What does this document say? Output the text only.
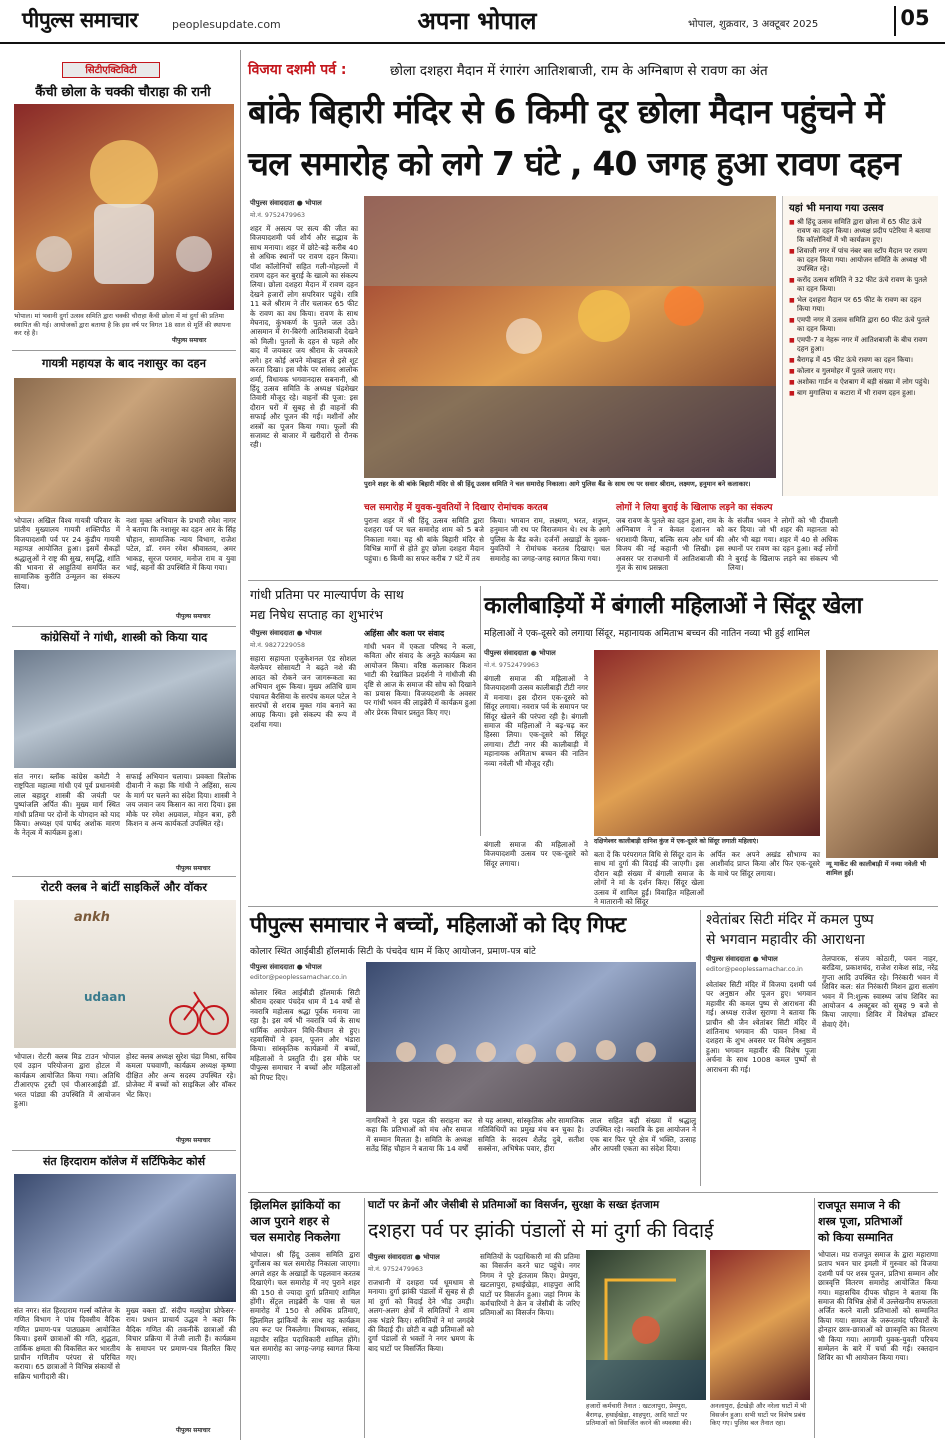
पीपुल्स समाचार	peoplesupdate.com	अपना भोपाल	भोपाल, शुक्रवार, 3 अक्टूबर 2025	05
सिटीएक्टिविटी
कैंची छोला के चक्की चौराहा की रानी
भोपाल। मां भवानी दुर्गा उत्सव समिति द्वारा चक्की चौराहा कैंची छोला में मां दुर्गा की प्रतिमा स्थापित की गई। आयोजकों द्वारा बताया है कि इस वर्ष पर विगत 18 साल से मूर्ति की स्थापना कर रहे है।
पीपुल्स समाचार
गायत्री महायज्ञ के बाद नशासुर का दहन
भोपाल। अखिल विश्व गायत्री परिवार के प्रांतीय मुख्यालय गायत्री शक्तिपीठ में विजयादशमी पर्व पर 24 कुंडीय गायत्री महायज्ञ आयोजित हुआ। इसमें सैकड़ों श्रद्धालुओं ने राष्ट्र की सुख, समृद्धि, शांति की भावना से आहुतियां समर्पित कर सामाजिक कुरीति उन्मूलन का संकल्प लिया।
नशा मुक्त अभियान के प्रभारी रमेश नागर ने बताया कि नशासुर का दहन आर के सिंह चौहान, सामाजिक न्याय विभाग, राजेश पटेल, डॉ. रमन रमेश श्रीवास्तव, अमर भाकड़, सूरज परमार, मनोज राम व युवा भाई, बहनों की उपस्थिति में किया गया।
पीपुल्स समाचार
कांग्रेसियों ने गांधी, शास्त्री को किया याद
संत नगर। ब्लॉक कांग्रेस कमेटी ने राष्ट्रपिता महात्मा गांधी एवं पूर्व प्रधानमंत्री लाल बहादुर शास्त्री की जयंती पर पुष्पांजलि अर्पित की। मुख्य मार्ग स्थित गांधी प्रतिमा पर दोनों के योगदान को याद किया। अध्यक्ष एवं पार्षद अशोक मारण के नेतृत्व में कार्यक्रम हुआ।
सफाई अभियान चलाया। प्रवक्ता त्रिलोक दीवानी ने कहा कि गांधी ने अहिंसा, सत्य के मार्ग पर चलने का संदेश दिया। शास्त्री ने जय जवान जय किसान का नारा दिया। इस मौके पर रमेश अग्रवाल, मोहन बत्रा, हरी किशन व अन्य कार्यकर्ता उपस्थित रहे।
पीपुल्स समाचार
रोटरी क्लब ने बांटीं साइकिलें और वॉकर
ankh
udaan
भोपाल। रोटरी क्लब मिड टाउन भोपाल एवं उड़ान परियोजना द्वारा होटल में कार्यक्रम आयोजित किया गया। अतिथि टीआरएफ ट्रस्टी एवं पीआरआईडी डॉ. भरत पांड्या की उपस्थिति में आयोजन हुआ।
होस्ट क्लब अध्यक्ष सुरेश चंद्रा मिश्रा, सचिव कमला पचवाणी, कार्यक्रम अध्यक्ष कृष्णा दीक्षित और अन्य सदस्य उपस्थित रहे। प्रोजेक्ट में बच्चों को साइकिल और वॉकर भेंट किए।
पीपुल्स समाचार
संत हिरदाराम कॉलेज में सर्टिफिकेट कोर्स
संत नगर। संत हिरदाराम गर्ल्स कॉलेज के गणित विभाग ने पांच दिवसीय वैदिक गणित प्रमाण-पत्र पाठ्यक्रम आयोजित किया। इसमें छात्राओं की गति, शुद्धता, तार्किक क्षमता की विकसित कर भारतीय प्राचीन गणितीय परंपरा से परिचित कराया। 65 छात्राओं ने विभिन्न संकायों से सक्रिय भागीदारी की।
मुख्य वक्ता डॉ. संदीप मलहोत्रा प्रोफेसर-राय। प्रधान प्राचार्य उद्धव ने कहा कि वैदिक गणित की तकनीकें छात्राओं की विचार प्रक्रिया में तेजी लाती हैं। कार्यक्रम के समापन पर प्रमाण-पत्र वितरित किए गए।
पीपुल्स समाचार
विजया दशमी पर्व :	छोला दशहरा मैदान में रंगारंग आतिशबाजी, राम के अग्निबाण से रावण का अंत
बांके बिहारी मंदिर से 6 किमी दूर छोला मैदान पहुंचने में
चल समारोह को लगे 7 घंटे , 40 जगह हुआ रावण दहन
पीपुल्स संवाददाता ● भोपाल
मो.नं. 9752479963
शहर में असत्य पर सत्य की जीत का विजयादशमी पर्व शौर्य और सद्भाव के साथ मनाया। शहर में छोटे-बड़े करीब 40 से अधिक स्थानों पर रावण दहन किया। पॉश कॉलोनियों सहित गली-मोहल्लों में रावण दहन कर बुराई के खात्मे का संकल्प लिया। छोला दशहरा मैदान में रावण दहन देखने हजारों लोग सपरिवार पहुंचे। रात्रि 11 बजे श्रीराम ने तीर चलाकर 65 फीट के रावण का वध किया। रावण के साथ मेघनाद, कुंभकर्ण के पुतले जल उठे। आसमान में रंग-बिरंगी आतिशबाजी देखने को मिली। पुतलों के दहन से पहले और बाद में जयकार जय श्रीराम के जयकारे लगे। हर कोई अपने मोबाइल से इसे शूट करता दिखा। इस मौके पर सांसद आलोक शर्मा, विधायक भगवानदास सबनानी, श्री हिंदू उत्सव समिति के अध्यक्ष चंद्रशेखर तिवारी मौजूद रहे। वाहनों की पूजा: इस दौरान घरों में सुबह से ही वाहनों की सफाई और पूजन की गई। मशीनों और शस्त्रों का पूजन किया गया। फूलों की सजावट से बाजार में खरीदारों से रौनक रही।
पुराने शहर के श्री बांके बिहारी मंदिर से श्री हिंदू उत्सव समिति ने चल समारोह निकाला। आगे पुलिस बैंड के साथ रथ पर सवार श्रीराम, लक्ष्मण, हनुमान बने कलाकार।
चल समारोह में युवक-युवतियों ने दिखाए रोमांचक करतब
पुराना शहर में श्री हिंदू उत्सव समिति द्वारा दशहरा पर्व पर चल समारोह शाम को 5 बजे निकाला गया। यह श्री बांके बिहारी मंदिर से विभिन्न मार्गों से होते हुए छोला दशहरा मैदान पहुंचा। 6 किमी का सफर करीब 7 घंटे में तय
किया। भगवान राम, लक्ष्मण, भरत, शत्रुघ्न, हनुमान जी रथ पर विराजमान थे। रथ के आगे पुलिस के बैंड बजे। दर्जनों अखाड़ों के युवक-युवतियों ने रोमांचक करतब दिखाए। चल समारोह का जगह-जगह स्वागत किया गया।
लोगों ने लिया बुराई के खिलाफ लड़ने का संकल्प
जब रावण के पुतले का दहन हुआ, राम के अग्निबाण ने न केवल दशानन को धराशायी किया, बल्कि सत्य और धर्म की विजय की नई कहानी भी लिखी। इस अवसर पर राजधानी में आतिशबाजी की गूंज के साथ प्रसन्नता
के संजीव भवन ने लोगों को भी दीवाली कर दिया। जो भी शहर की महानता को और भी बड़ा गया। शहर में 40 से अधिक स्थानों पर रावण का दहन हुआ। कई लोगों ने बुराई के खिलाफ लड़ने का संकल्प भी लिया।
यहां भी मनाया गया उत्सव
■ श्री हिंदू उत्सव समिति द्वारा छोला में 65 फीट ऊंचे रावण का दहन किया। अध्यक्ष प्रदीप पटेरिया ने बताया कि कॉलोनियों में भी कार्यक्रम हुए।
■ शिवाजी नगर में पांच नंबर बस स्टॉप मैदान पर रावण का दहन किया गया। आयोजन समिति के अध्यक्ष भी उपस्थित रहे।
■ करोंद उत्सव समिति ने 32 फीट ऊंचे रावण के पुतले का दहन किया।
■ भेल दशहरा मैदान पर 65 फीट के रावण का दहन किया गया।
■ एमपी नगर में उत्सव समिति द्वारा 60 फीट ऊंचे पुतले का दहन किया।
■ एमपी-7 व नेहरू नगर में आतिशबाजी के बीच रावण दहन हुआ।
■ बैरागढ़ में 45 फीट ऊंचे रावण का दहन किया।
■ कोलार व गुलमोहर में पुतले जलाए गए।
■ अशोका गार्डन व ऐशबाग में बड़ी संख्या में लोग पहुंचे।
■ बाग मुगालिया व कटारा में भी रावण दहन हुआ।
गांधी प्रतिमा पर माल्यार्पण के साथ
मद्य निषेध सप्ताह का शुभारंभ
पीपुल्स संवाददाता ● भोपाल
मो.नं. 9827229058
सहारा सहायता एजुकेशनल एंड सोशल वेलफेयर सोसायटी ने बढ़ते नशे की आदत को रोकने जन जागरूकता का अभियान शुरू किया। मुख्य अतिथि ग्राम पंचायत बैरसिया के सरपंच कमल पटेल ने सरपंचों से शराब मुक्त गांव बनाने का आग्रह किया। इसे संकल्प की रूप में दर्शाया गया।
अहिंसा और कला पर संवाद
गांधी भवन में एकता परिषद ने कला, कविता और संवाद के अनूठे कार्यक्रम का आयोजन किया। वरिष्ठ कलाकार किशन भाटी की रेखांकित प्रदर्शनी ने गांधीजी की दृष्टि से आज के समाज की सोच को दिखाने का प्रयास किया। विजयदशमी के अवसर पर गांधी भवन की लाइब्रेरी में कार्यक्रम हुआ और प्रेरक विचार प्रस्तुत किए गए।
कालीबाड़ियों में बंगाली महिलाओं ने सिंदूर खेला
महिलाओं ने एक-दूसरे को लगाया सिंदूर, महानायक अमिताभ बच्चन की नातिन नव्या भी हुई शामिल
पीपुल्स संवाददाता ● भोपाल
मो.नं. 9752479963
बंगाली समाज की महिलाओं ने विजयादशमी उत्सव कालीबाड़ी टीटी नगर में मनाया। इस दौरान एक-दूसरे को सिंदूर लगाया। नवरात्र पर्व के समापन पर सिंदूर खेलने की परंपरा रही है। बंगाली समाज की महिलाओं ने बढ़-चढ़ कर हिस्सा लिया। एक-दूसरे को सिंदूर लगाया। टीटी नगर की कालीबाड़ी में महानायक अमिताभ बच्चन की नातिन नव्या नवेली भी मौजूद रही।
दक्षिणेश्वर कालीबाड़ी दानिश कुंज में एक-दूसरे को सिंदूर लगाती महिलाएं।
बता दें कि परंपरागत विधि से सिंदूर दान के साथ मां दुर्गा की विदाई की जाएगी। इस दौरान बड़ी संख्या में बंगाली समाज के लोगों ने मां के दर्शन किए। सिंदूर खेला उत्सव में शामिल हुईं। विवाहित महिलाओं ने मातारानी को सिंदूर
अर्पित कर अपने अखंड सौभाग्य का आशीर्वाद प्राप्त किया और फिर एक-दूसरे के माथे पर सिंदूर लगाया।
न्यू मार्केट की कालीबाड़ी में नव्या नवेली भी शामिल हुईं।
बंगाली समाज की महिलाओं ने विजयादशमी उत्सव पर एक-दूसरे को सिंदूर लगाया।
पीपुल्स समाचार ने बच्चों, महिलाओं को दिए गिफ्ट
कोलार स्थित आईबीडी हॉलमार्क सिटी के पंचदेव धाम में किए आयोजन, प्रमाण-पत्र बांटे
पीपुल्स संवाददाता ● भोपाल
editor@peoplessamachar.co.in
कोलार स्थित आईबीडी हॉलमार्क सिटी श्रीराम दरबार पंचदेव धाम में 14 वर्षों से नवरात्रि महोत्सव श्रद्धा पूर्वक मनाया जा रहा है। इस वर्ष भी नवरात्रि पर्व के साथ धार्मिक आयोजन विधि-विधान से हुए। रहवासियों ने हवन, पूजन और भंडारा किया। सांस्कृतिक कार्यक्रमों में बच्चों, महिलाओं ने प्रस्तुति दी। इस मौके पर पीपुल्स समाचार ने बच्चों और महिलाओं को गिफ्ट दिए।
नागरिकों ने इस पहल की सराहना कर कहा कि प्रतिभाओं को मंच और समाज में सम्मान मिलता है। समिति के अध्यक्ष सतेंद्र सिंह चौहान ने बताया कि 14 वर्षों
से यह आस्था, सांस्कृतिक और सामाजिक गतिविधियों का प्रमुख मंच बन चुका है। समिति के सदस्य शैलेंद्र दुबे, सतीश सक्सेना, अभिषेक पवार, हीरा
लाल सहित बड़ी संख्या में श्रद्धालु उपस्थित रहे। नवरात्रि के इस आयोजन ने एक बार फिर पूरे क्षेत्र में भक्ति, उत्साह और आपसी एकता का संदेश दिया।
श्वेतांबर सिटी मंदिर में कमल पुष्प
से भगवान महावीर की आराधना
पीपुल्स संवाददाता ● भोपाल
editor@peoplessamachar.co.in
श्वेतांबर सिटी मंदिर में विजया दशमी पर्व पर अनुष्ठान और पूजन हुए। भगवान महावीर की कमल पुष्प से आराधना की गई। अध्यक्ष राजेश सुराणा ने बताया कि प्राचीन श्री जैन श्वेतांबर सिटी मंदिर में शांतिनाथ भगवान की पावन निश्रा में दशहरा के शुभ अवसर पर विशेष अनुष्ठान हुआ। भगवान महावीर की विशेष पूजा अर्चना के साथ 1008 कमल पुष्पों से आराधना की गई।
तेलपारक, संजय कोठारी, पवन नाहर, बरडिया, प्रकाशचंद, राजेश राकेश सांड, नरेंद्र गुप्ता आदि उपस्थित रहे। निरंकारी भवन में शिविर कल: संत निरंकारी मिशन द्वारा सत्संग भवन में नि:शुल्क स्वास्थ्य जांच शिविर का आयोजन 4 अक्टूबर को सुबह 9 बजे से किया जाएगा। शिविर में विशेषज्ञ डॉक्टर सेवाएं देंगे।
झिलमिल झांकियों का
आज पुराने शहर से
चल समारोह निकलेगा
भोपाल। श्री हिंदू उत्सव समिति द्वारा दुर्गोत्सव का चल समारोह निकाला जाएगा। अगले शहर के अखाड़ों के पहलवान करतब दिखाएंगे। चल समारोह में नए पुराने शहर की 150 से ज्यादा दुर्गा प्रतिमाएं शामिल होंगी। सेंट्रल लाइब्रेरी के पास से चल समारोह में 150 से अधिक प्रतिमाएं, झिलमिल झांकियों के साथ यह कार्यक्रम तय रूट पर निकलेगा। विधायक, सांसद, महापौर सहित पदाधिकारी शामिल होंगे। चल समारोह का जगह-जगह स्वागत किया जाएगा।
घाटों पर क्रेनों और जेसीबी से प्रतिमाओं का विसर्जन, सुरक्षा के सख्त इंतजाम
दशहरा पर्व पर झांकी पंडालों से मां दुर्गा की विदाई
पीपुल्स संवाददाता ● भोपाल
मो.नं. 9752479963
राजधानी में दशहरा पर्व धूमधाम से मनाया। दुर्गा झांकी पंडालों में सुबह से ही मां दुर्गा को विदाई देने भीड़ उमड़ी। अलग-अलग क्षेत्रों में समितियों ने शाम तक भंडारे किए। समितियों ने मां जगदंबे की विदाई दी। छोटी व बड़ी प्रतिमाओं को दुर्गा पंडालों से भक्तों ने नगर भ्रमण के बाद घाटों पर विसर्जित किया।
समितियों के पदाधिकारी मां की प्रतिमा का विसर्जन करने घाट पहुंचे। नगर निगम ने पूरे इंतजाम किए। प्रेमपुरा, खटलापुरा, हथाईखेड़ा, शाहपुरा आदि घाटों पर विसर्जन हुआ। जहां निगम के कर्मचारियों ने क्रेन व जेसीबी के जरिए प्रतिमाओं का विसर्जन किया।
हजारों कर्मचारी तैनात : खटलापुरा, प्रेमपुरा, बैरागढ़, हथाईखेड़ा, शाहपुरा, आदि घाटों पर प्रतिमाओं को विसर्जित करने की व्यवस्था की।
अनलापुरा, ईंटखेड़ी और नरेला घाटों में भी विसर्जन हुआ। सभी घाटों पर विशेष प्रबंध किए गए। पुलिस बल तैनात रहा।
राजपूत समाज ने की
शस्त्र पूजा, प्रतिभाओं
को किया सम्मानित
भोपाल। मप्र राजपूत समाज के द्वारा महाराणा प्रताप भवन चार इमली में गुरुवार को विजया दशमी पर्व पर शस्त्र पूजन, प्रतिभा सम्मान और छात्रवृत्ति वितरण समारोह आयोजित किया गया। महासचिव दीपक चौहान ने बताया कि समाज की विभिन्न क्षेत्रों में उल्लेखनीय सफलता अर्जित करने वाली प्रतिभाओं को सम्मानित किया गया। समाज के जरूरतमंद परिवारों के होनहार छात्र-छात्राओं को छात्रवृत्ति का वितरण भी किया गया। आगामी युवक-युवती परिचय सम्मेलन के बारे में चर्चा की गई। रक्तदान शिविर का भी आयोजन किया गया।
